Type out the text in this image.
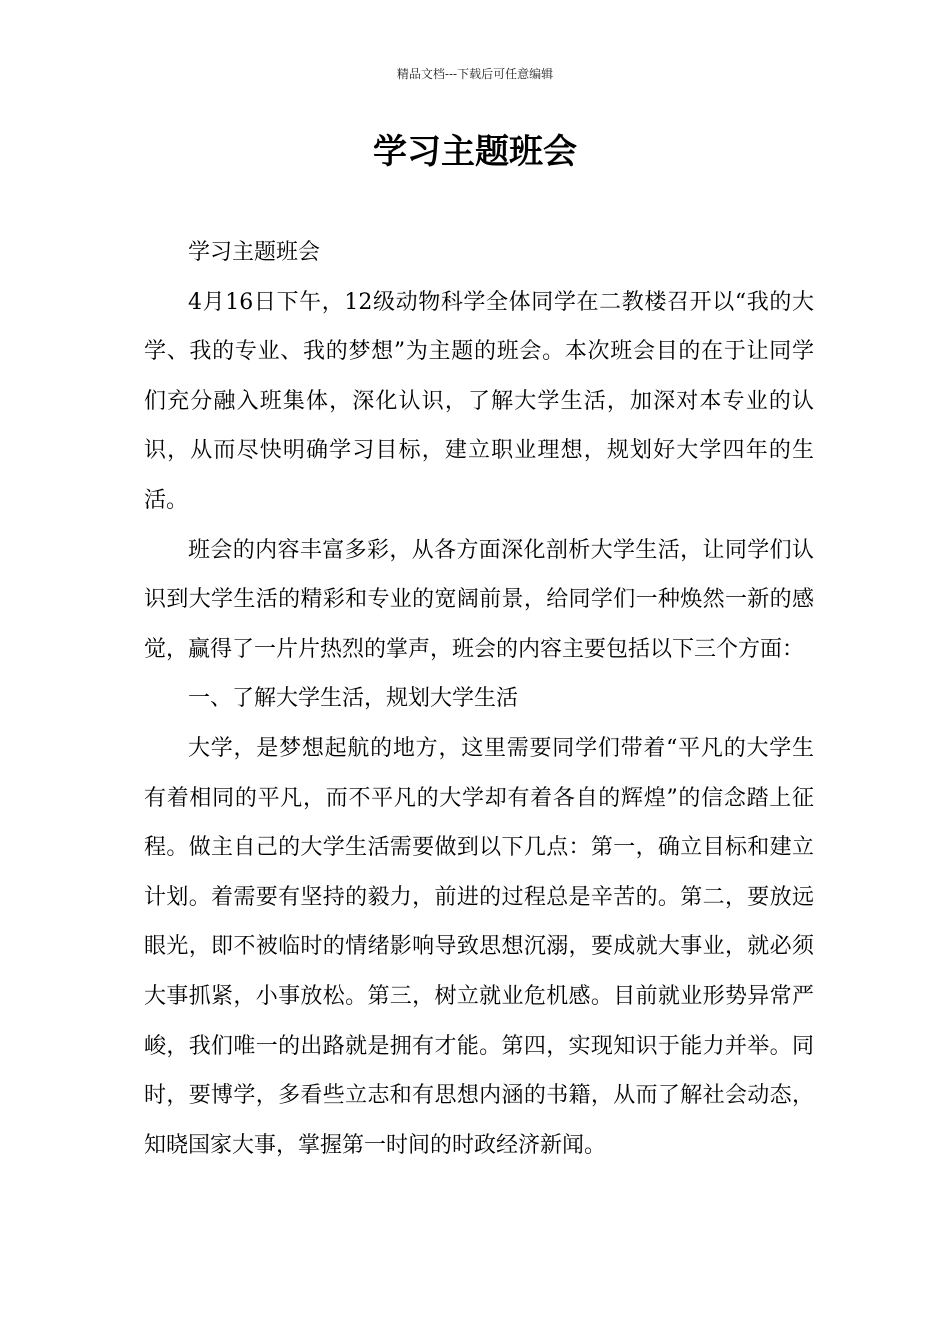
精品文档---下载后可任意编辑
学习主题班会

学习主题班会

4月16日下午，12级动物科学全体同学在二教楼召开以“我的大学、我的专业、我的梦想”为主题的班会。本次班会目的在于让同学们充分融入班集体，深化认识，了解大学生活，加深对本专业的认识，从而尽快明确学习目标，建立职业理想，规划好大学四年的生活。

班会的内容丰富多彩，从各方面深化剖析大学生活，让同学们认识到大学生活的精彩和专业的宽阔前景，给同学们一种焕然一新的感觉，赢得了一片片热烈的掌声，班会的内容主要包括以下三个方面：

一、了解大学生活，规划大学生活

大学，是梦想起航的地方，这里需要同学们带着“平凡的大学生有着相同的平凡，而不平凡的大学却有着各自的辉煌”的信念踏上征程。做主自己的大学生活需要做到以下几点：第一，确立目标和建立计划。着需要有坚持的毅力，前进的过程总是辛苦的。第二，要放远眼光，即不被临时的情绪影响导致思想沉溺，要成就大事业，就必须大事抓紧，小事放松。第三，树立就业危机感。目前就业形势异常严峻，我们唯一的出路就是拥有才能。第四，实现知识于能力并举。同时，要博学，多看些立志和有思想内涵的书籍，从而了解社会动态，知晓国家大事，掌握第一时间的时政经济新闻。
